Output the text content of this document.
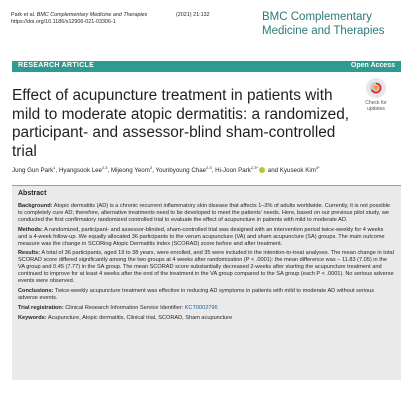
Park et al. BMC Complementary Medicine and Therapies
https://doi.org/10.1186/s12906-021-03306-1
(2021) 21:132	BMC Complementary
Medicine and Therapies
RESEARCH ARTICLE	Open Access
Effect of acupuncture treatment in patients with mild to moderate atopic dermatitis: a randomized, participant- and assessor-blind sham-controlled trial
Check for
updates
Jung Gun Park$^1$, Hyangsook Lee$^{2,3}$, Mijeong Yeom$^3$, Younbyoung Chae$^{2,3}$, Hi-Joon Park$^{2,3*}$ and Kyuseok Kim$^{4*}$
Abstract

Background: Atopic dermatitis (AD) is a chronic recurrent inflammatory skin disease that affects 1–3% of adults worldwide. Currently, it is not possible to completely cure AD; therefore, alternative treatments need to be developed to meet the patients' needs. Here, based on our previous pilot study, we conducted the first confirmatory randomized controlled trial to evaluate the effect of acupuncture in patients with mild to moderate AD.

Methods: A randomized, participant- and assessor-blinded, sham-controlled trial was designed with an intervention period twice-weekly for 4 weeks and a 4-week follow-up. We equally allocated 36 participants to the verum acupuncture (VA) and sham acupuncture (SA) groups. The main outcome measure was the change in SCORing Atopic Dermatitis index (SCORAD) score before and after treatment.

Results: A total of 36 participants, aged 19 to 38 years, were enrolled, and 35 were included in the intention-to-treat analyses. The mean change in total SCORAD score differed significantly among the two groups at 4 weeks after randomization (P < .0001): the mean difference was − 11.83 (7.05) in the VA group and 0.45 (7.77) in the SA group. The mean SCORAD score substantially decreased 2-weeks after starting the acupuncture treatment and continued to improve for at least 4 weeks after the end of the treatment in the VA group compared to the SA group (each P < .0001). No serious adverse events were observed.

Conclusions: Twice-weekly acupuncture treatment was effective in reducing AD symptoms in patients with mild to moderate AD without serious adverse events.

Trial registration: Clinical Research Information Service Identifier: KCT0002796

Keywords: Acupuncture, Atopic dermatitis, Clinical trial, SCORAD, Sham acupuncture
